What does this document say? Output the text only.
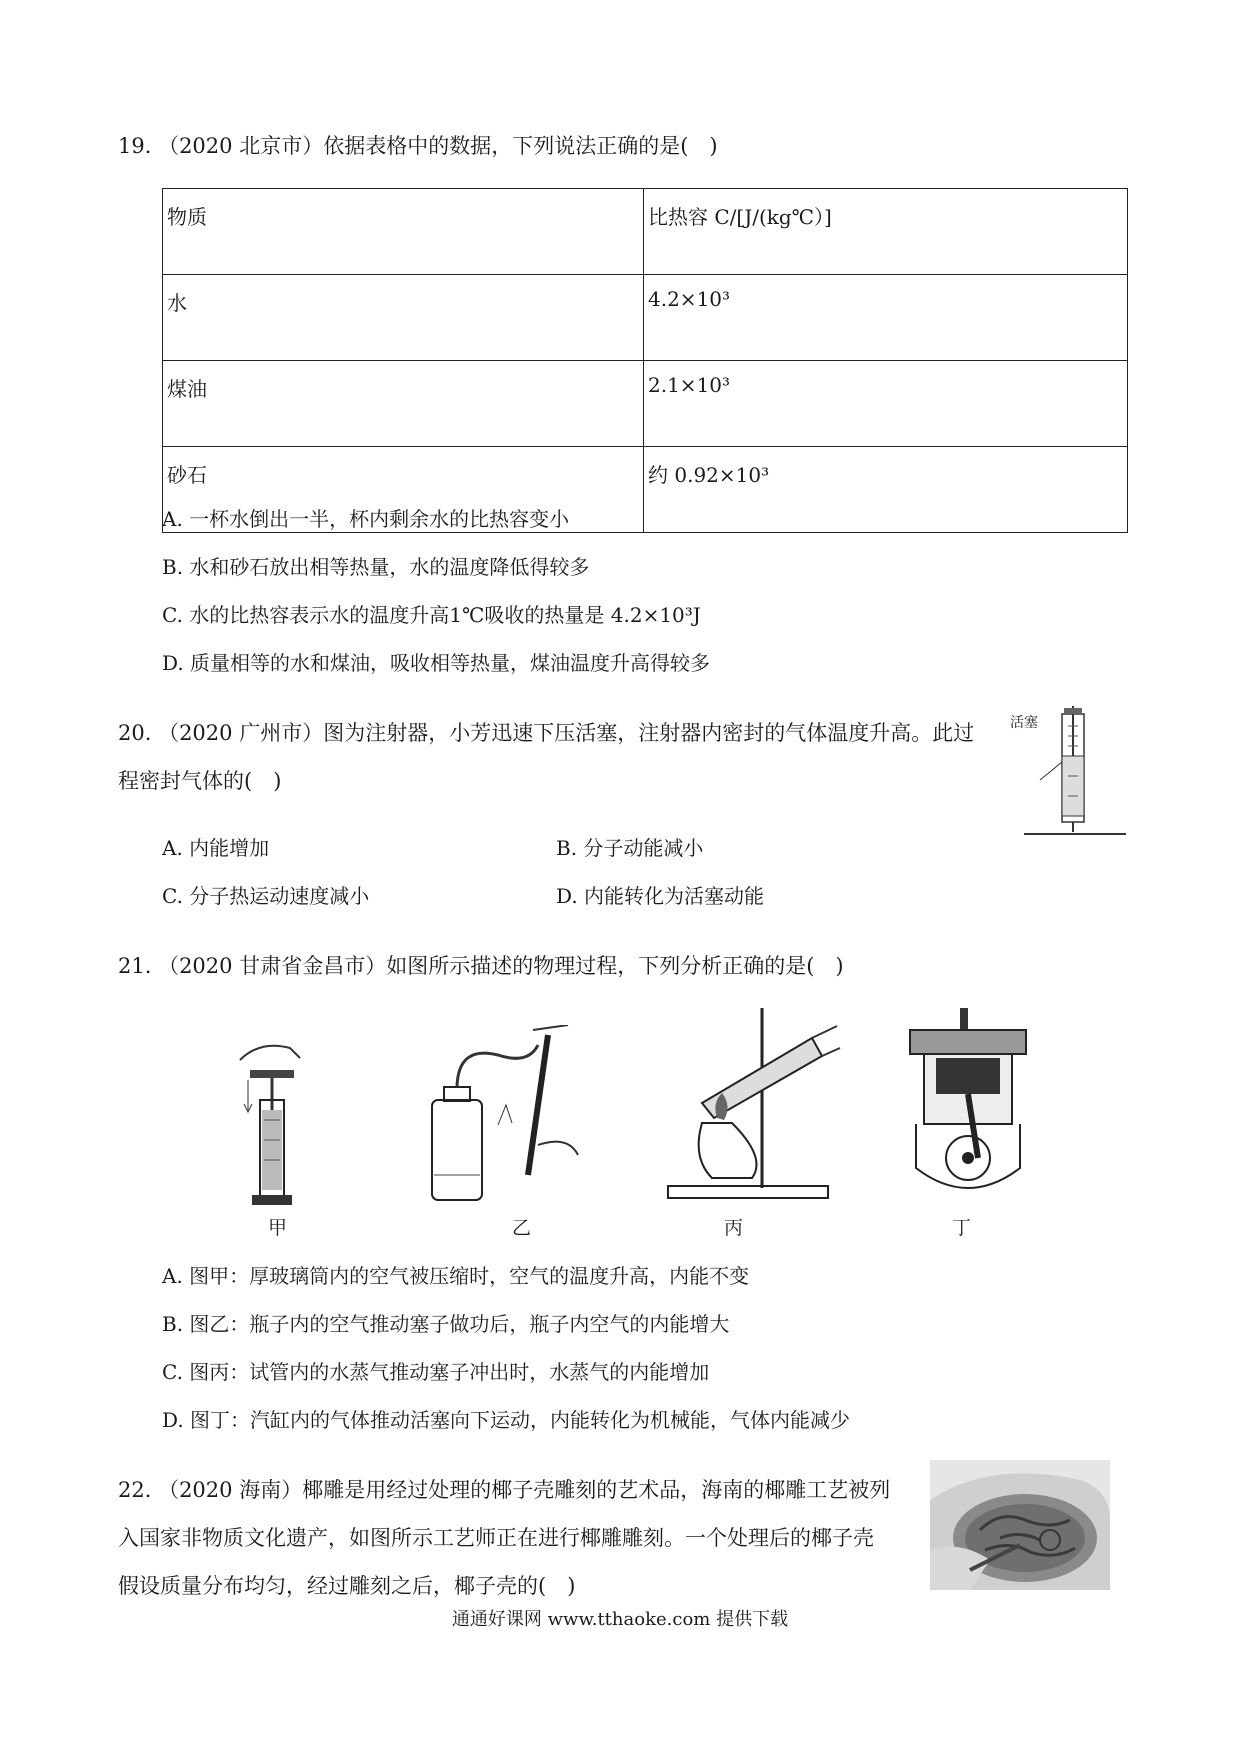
19. （2020 北京市）依据表格中的数据，下列说法正确的是(　)
物质	比热容 C/[J/(kg℃）]
水	4.2×10³
煤油	2.1×10³
砂石	约 0.92×10³
A. 一杯水倒出一半，杯内剩余水的比热容变小
B. 水和砂石放出相等热量，水的温度降低得较多
C. 水的比热容表示水的温度升高1℃吸收的热量是 4.2×10³J
D. 质量相等的水和煤油，吸收相等热量，煤油温度升高得较多
20. （2020 广州市）图为注射器，小芳迅速下压活塞，注射器内密封的气体温度升高。此过
程密封气体的(　)
活塞
A. 内能增加	B. 分子动能减小
C. 分子热运动速度减小	D. 内能转化为活塞动能
21. （2020 甘肃省金昌市）如图所示描述的物理过程，下列分析正确的是(　)
甲	乙	丙	丁
A. 图甲：厚玻璃筒内的空气被压缩时，空气的温度升高，内能不变
B. 图乙：瓶子内的空气推动塞子做功后，瓶子内空气的内能增大
C. 图丙：试管内的水蒸气推动塞子冲出时，水蒸气的内能增加
D. 图丁：汽缸内的气体推动活塞向下运动，内能转化为机械能，气体内能减少
22. （2020 海南）椰雕是用经过处理的椰子壳雕刻的艺术品，海南的椰雕工艺被列
入国家非物质文化遗产，如图所示工艺师正在进行椰雕雕刻。一个处理后的椰子壳
假设质量分布均匀，经过雕刻之后，椰子壳的(　)
通通好课网 www.tthaoke.com 提供下载
